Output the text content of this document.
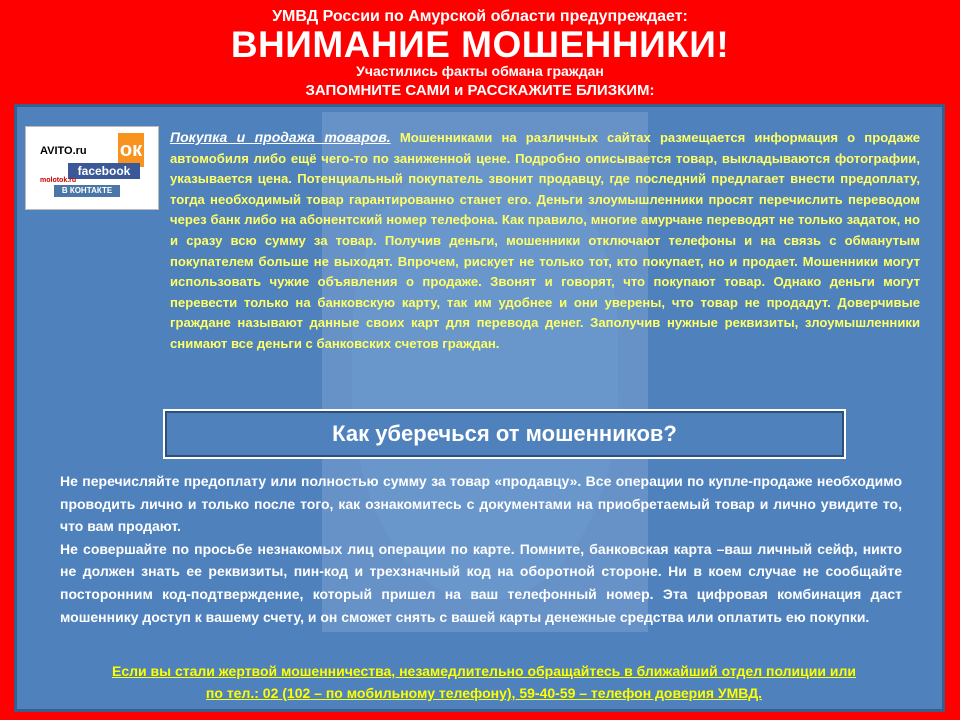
УМВД России по Амурской области предупреждает:
ВНИМАНИЕ МОШЕННИКИ!
Участились факты обмана граждан
ЗАПОМНИТЕ САМИ и РАССКАЖИТЕ БЛИЗКИМ:
AVITO.ru ок
facebook
molotok.ru
В КОНТАКТЕ
Покупка и продажа товаров. Мошенниками на различных сайтах размещается информация о продаже автомобиля либо ещё чего-то по заниженной цене. Подробно описывается товар, выкладываются фотографии, указывается цена. Потенциальный покупатель звонит продавцу, где последний предлагает внести предоплату, тогда необходимый товар гарантированно станет его. Деньги злоумышленники просят перечислить переводом через банк либо на абонентский номер телефона. Как правило, многие амурчане переводят не только задаток, но и сразу всю сумму за товар. Получив деньги, мошенники отключают телефоны и на связь с обманутым покупателем больше не выходят. Впрочем, рискует не только тот, кто покупает, но и продает. Мошенники могут использовать чужие объявления о продаже. Звонят и говорят, что покупают товар. Однако деньги могут перевести только на банковскую карту, так им удобнее и они уверены, что товар не продадут. Доверчивые граждане называют данные своих карт для перевода денег. Заполучив нужные реквизиты, злоумышленники снимают все деньги с банковских счетов граждан.
Как уберечься от мошенников?

Не перечисляйте предоплату или полностью сумму за товар «продавцу». Все операции по купле-продаже необходимо проводить лично и только после того, как ознакомитесь с документами на приобретаемый товар и лично увидите то, что вам продают.

Не совершайте по просьбе незнакомых лиц операции по карте. Помните, банковская карта –ваш личный сейф, никто не должен знать ее реквизиты, пин-код и трехзначный код на оборотной стороне. Ни в коем случае не сообщайте посторонним код-подтверждение, который пришел на ваш телефонный номер. Эта цифровая комбинация даст мошеннику доступ к вашему счету, и он сможет снять с вашей карты денежные средства или оплатить ею покупки.

Если вы стали жертвой мошенничества, незамедлительно обращайтесь в ближайший отдел полиции или
по тел.: 02 (102 – по мобильному телефону), 59-40-59 – телефон доверия УМВД.
